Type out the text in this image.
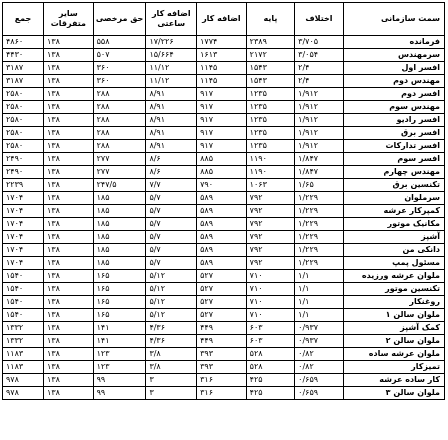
سمت سازمانی	اختلاف	پایه	اضافه کار	اضافه کار ساعتی	حق مرخصی	سایر متفرقات	جمع
فرمانده	۳/۷۰۵	۲۳۸۹	۱۷۷۴	۱۷/۲۲۶	۵۵۸	۱۳۸	۴۸۶۰
سرمهندس	۳/۰۵۴	۲۱۷۲	۱۶۱۳	۱۵/۶۶۴	۵۰۷	۱۳۸	۴۴۳۰
افسر اول	۲/۴	۱۵۴۳	۱۱۴۵	۱۱/۱۲	۳۶۰	۱۳۸	۳۱۸۷
مهندس دوم	۲/۴	۱۵۴۳	۱۱۴۵	۱۱/۱۲	۳۶۰	۱۳۸	۳۱۸۷
افسر دوم	۱/۹۱۲	۱۲۳۵	۹۱۷	۸/۹۱	۲۸۸	۱۳۸	۲۵۸۰
مهندس سوم	۱/۹۱۲	۱۲۳۵	۹۱۷	۸/۹۱	۲۸۸	۱۳۸	۲۵۸۰
افسر رادیو	۱/۹۱۲	۱۲۳۵	۹۱۷	۸/۹۱	۲۸۸	۱۳۸	۲۵۸۰
افسر برق	۱/۹۱۲	۱۲۳۵	۹۱۷	۸/۹۱	۲۸۸	۱۳۸	۲۵۸۰
افسر تدارکات	۱/۹۱۲	۱۲۳۵	۹۱۷	۸/۹۱	۲۸۸	۱۳۸	۲۵۸۰
افسر سوم	۱/۸۴۷	۱۱۹۰	۸۸۵	۸/۶	۲۷۷	۱۳۸	۲۴۹۰
مهندس چهارم	۱/۸۴۷	۱۱۹۰	۸۸۵	۸/۶	۲۷۷	۱۳۸	۲۴۹۰
تکنسین برق	۱/۶۵	۱۰۶۳	۷۹۰	۷/۷	۲۴۷/۵	۱۳۸	۲۲۳۹
سرملوان	۱/۲۲۹	۷۹۲	۵۸۹	۵/۷	۱۸۵	۱۳۸	۱۷۰۴
کمپرکار عرشه	۱/۲۲۹	۷۹۲	۵۸۹	۵/۷	۱۸۵	۱۳۸	۱۷۰۴
مکانیک موتور	۱/۲۲۹	۷۹۲	۵۸۹	۵/۷	۱۸۵	۱۳۸	۱۷۰۴
آشپز	۱/۲۲۹	۷۹۲	۵۸۹	۵/۷	۱۸۵	۱۳۸	۱۷۰۴
دانکی من	۱/۲۲۹	۷۹۲	۵۸۹	۵/۷	۱۸۵	۱۳۸	۱۷۰۴
مسئول پمپ	۱/۲۲۹	۷۹۲	۵۸۹	۵/۷	۱۸۵	۱۳۸	۱۷۰۴
ملوان عرشه ورزیده	۱/۱	۷۱۰	۵۲۷	۵/۱۲	۱۶۵	۱۳۸	۱۵۴۰
تکنسین موتور	۱/۱	۷۱۰	۵۲۷	۵/۱۲	۱۶۵	۱۳۸	۱۵۴۰
روغنکار	۱/۱	۷۱۰	۵۲۷	۵/۱۲	۱۶۵	۱۳۸	۱۵۴۰
ملوان سالن ۱	۱/۱	۷۱۰	۵۲۷	۵/۱۲	۱۶۵	۱۳۸	۱۵۴۰
کمک آشپز	۰/۹۳۷	۶۰۳	۴۴۹	۴/۳۶	۱۴۱	۱۳۸	۱۳۳۲
ملوان سالن ۲	۰/۹۳۷	۶۰۳	۴۴۹	۴/۳۶	۱۴۱	۱۳۸	۱۳۳۲
ملوان عرشه ساده	۰/۸۲	۵۲۸	۳۹۳	۳/۸	۱۲۳	۱۳۸	۱۱۸۳
تمیزکار	۰/۸۲	۵۲۸	۳۹۳	۳/۸	۱۲۳	۱۳۸	۱۱۸۳
کار ساده عرشه	۰/۶۵۹	۴۲۵	۳۱۶	۳	۹۹	۱۳۸	۹۷۸
ملوان سالن ۳	۰/۶۵۹	۴۲۵	۳۱۶	۳	۹۹	۱۳۸	۹۷۸
